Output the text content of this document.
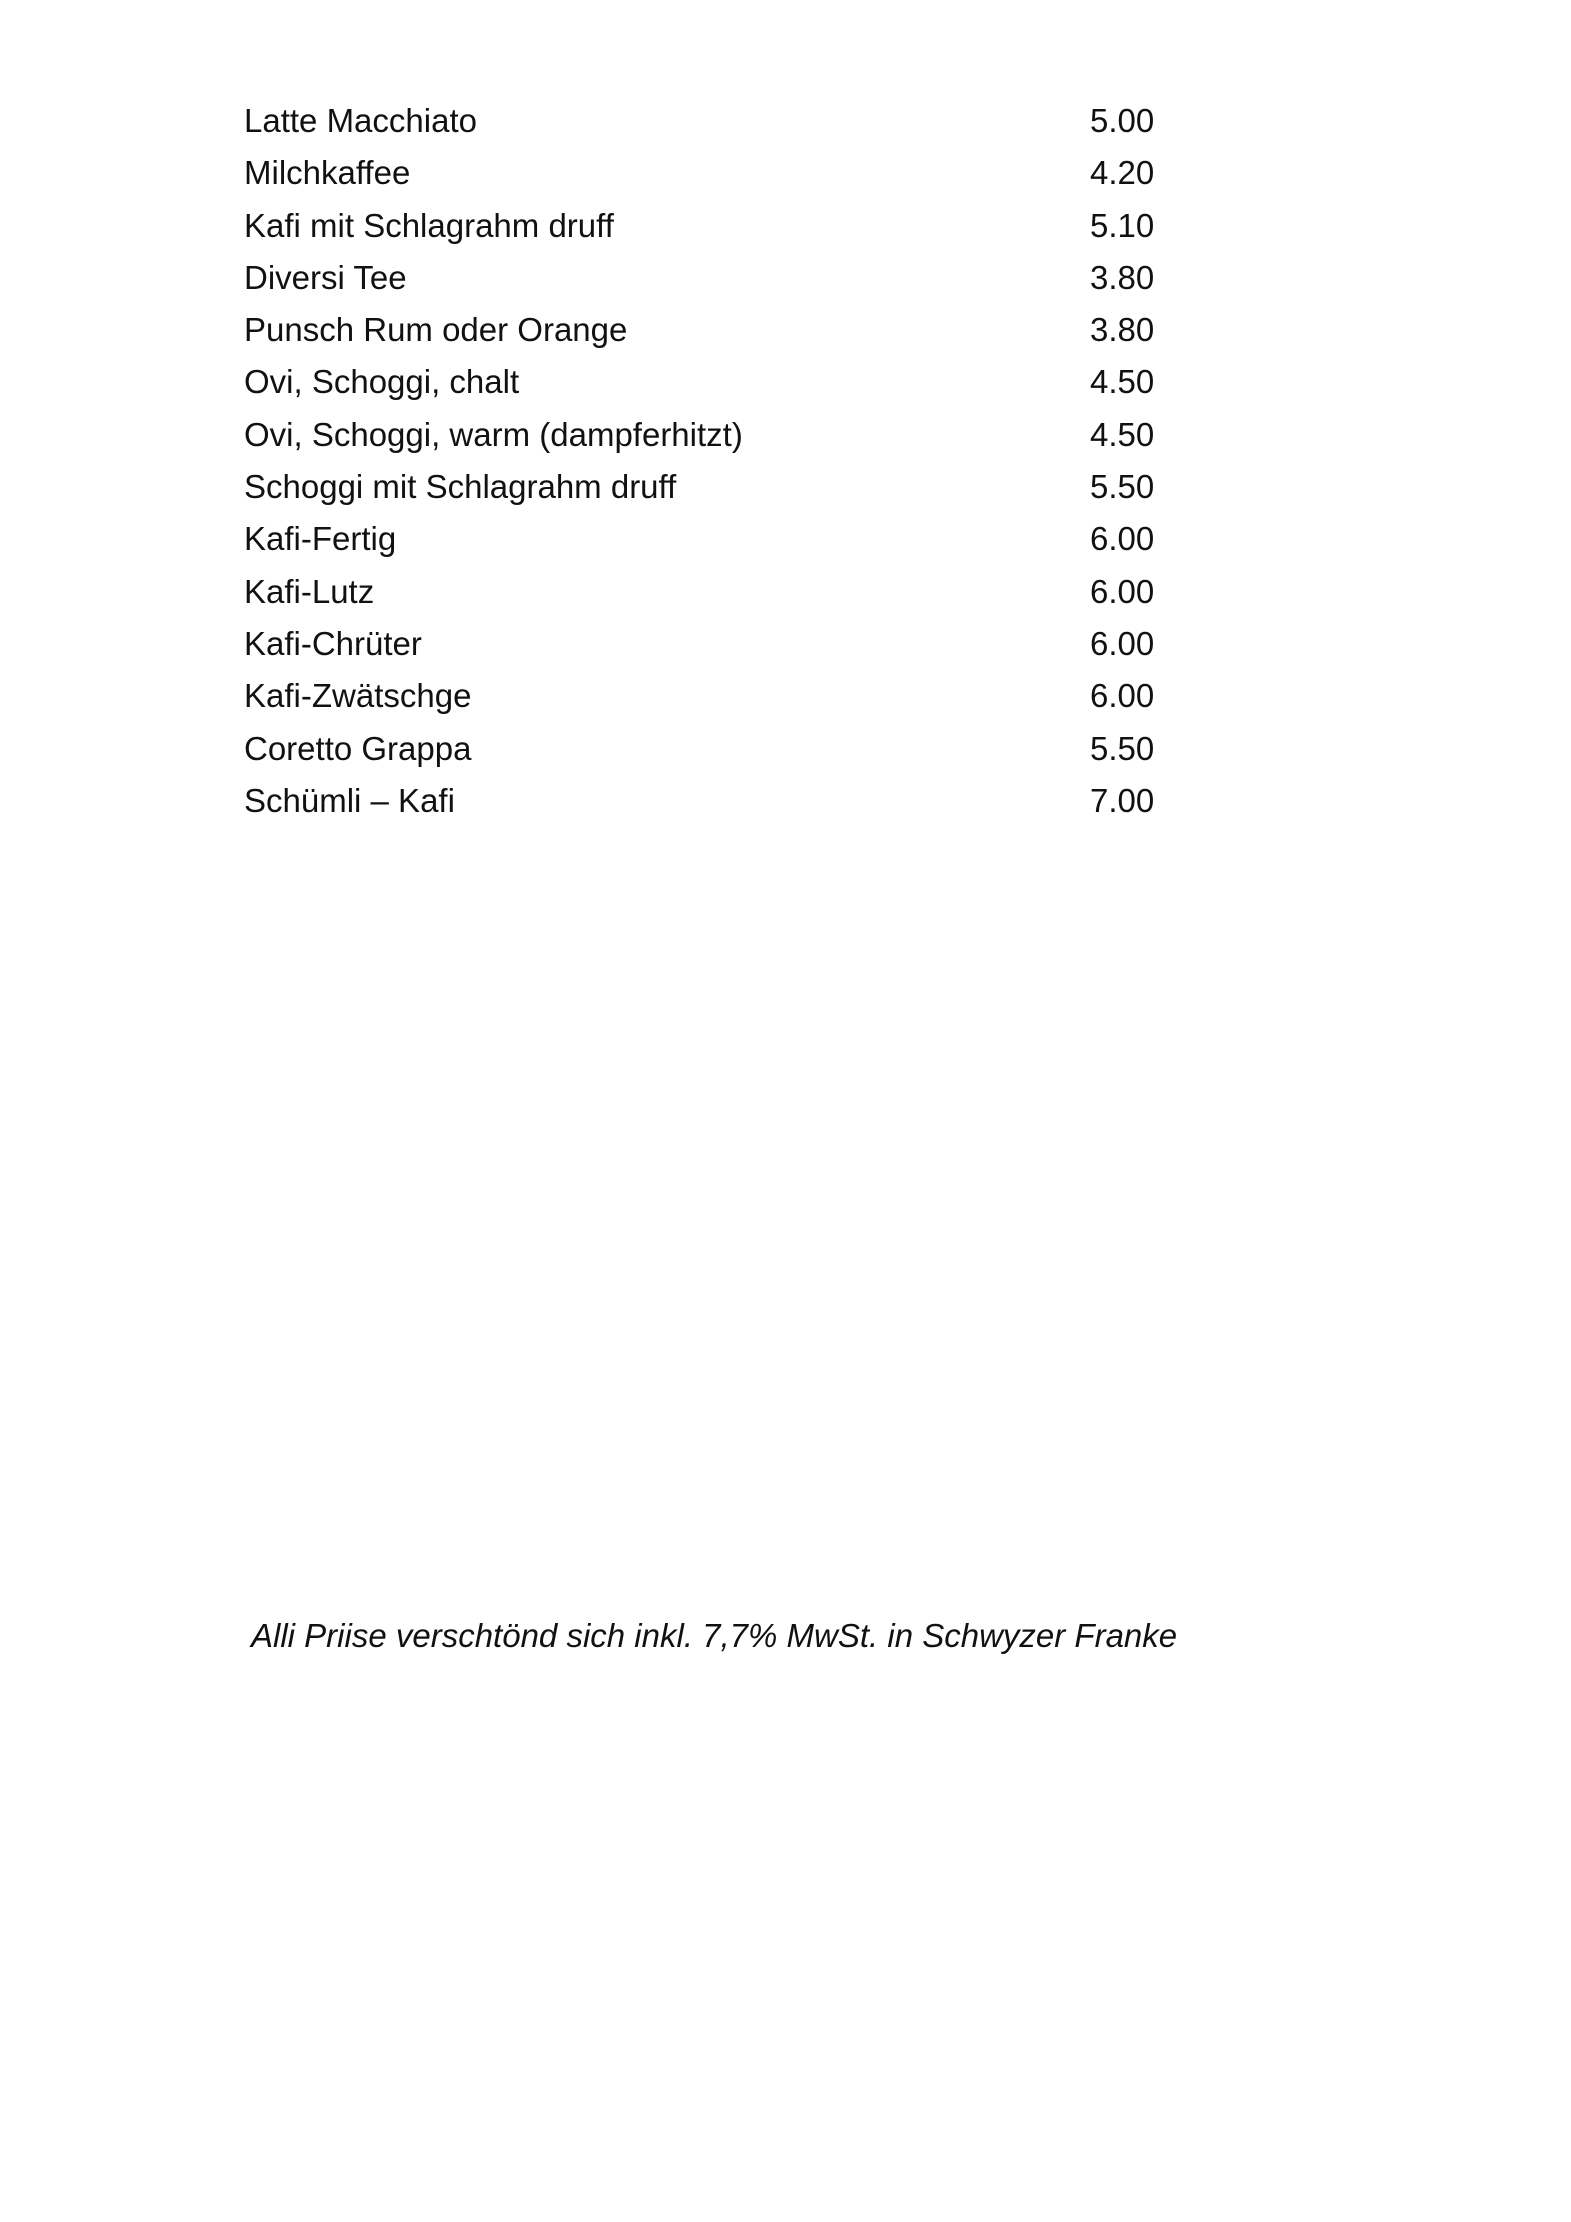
Latte Macchiato	5.00
Milchkaffee	4.20
Kafi mit Schlagrahm druff	5.10
Diversi Tee	3.80
Punsch Rum oder Orange	3.80
Ovi, Schoggi, chalt	4.50
Ovi, Schoggi, warm (dampferhitzt)	4.50
Schoggi mit Schlagrahm druff	5.50
Kafi-Fertig	6.00
Kafi-Lutz	6.00
Kafi-Chrüter	6.00
Kafi-Zwätschge	6.00
Coretto Grappa	5.50
Schümli – Kafi	7.00
Alli Priise verschtönd sich inkl. 7,7% MwSt. in Schwyzer Franke
